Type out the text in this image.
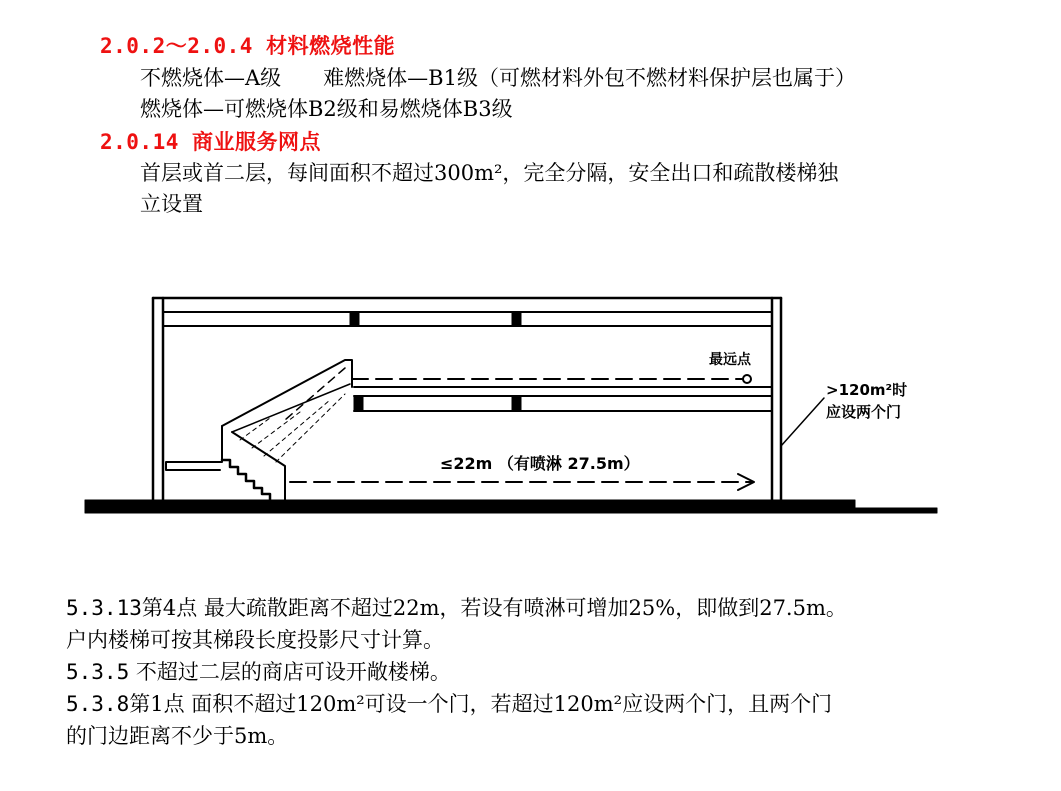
2.0.2～2.0.4 材料燃烧性能
不燃烧体—A级　　难燃烧体—B1级（可燃材料外包不燃材料保护层也属于）
燃烧体—可燃烧体B2级和易燃烧体B3级
2.0.14 商业服务网点
首层或首二层，每间面积不超过300m²，完全分隔，安全出口和疏散楼梯独
立设置
最远点
>120m²时
应设两个门
≤22m （有喷淋 27.5m）
5.3.13第4点 最大疏散距离不超过22m，若设有喷淋可增加25%，即做到27.5m。
户内楼梯可按其梯段长度投影尺寸计算。
5.3.5 不超过二层的商店可设开敞楼梯。
5.3.8第1点 面积不超过120m²可设一个门，若超过120m²应设两个门，且两个门
的门边距离不少于5m。
